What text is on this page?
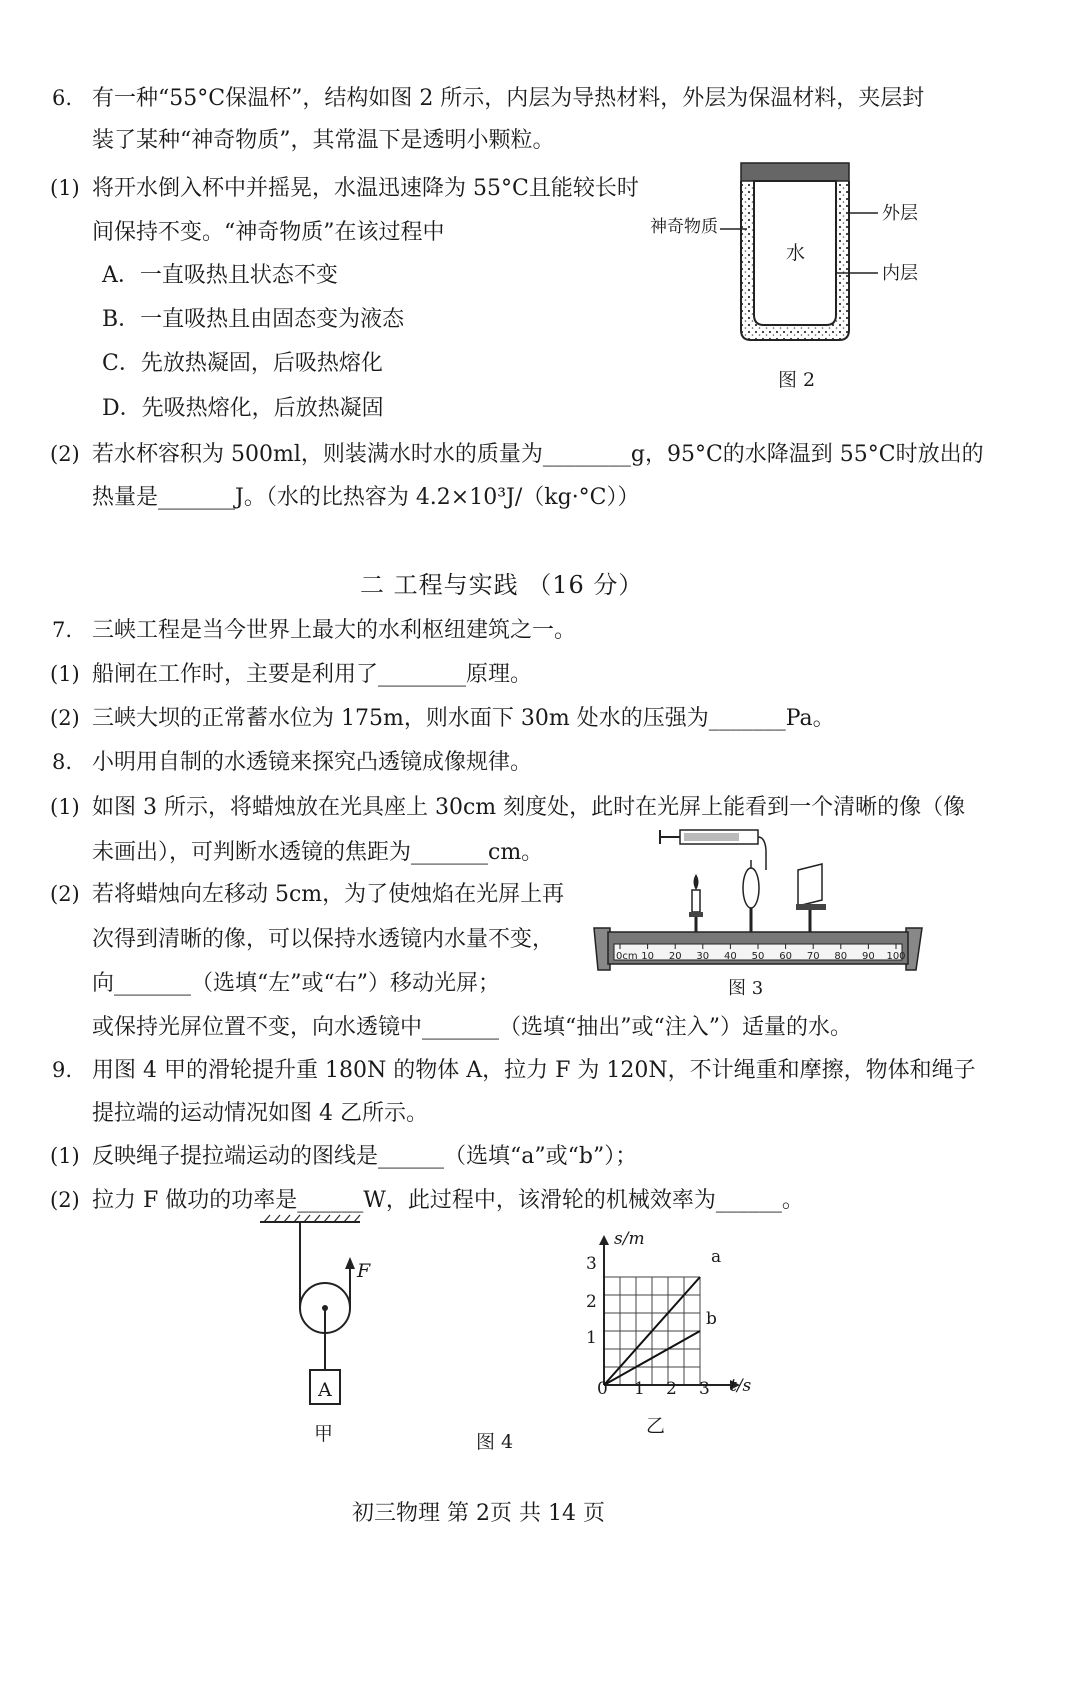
6. 有一种“55°C保温杯”，结构如图 2 所示，内层为导热材料，外层为保温材料，夹层封
装了某种“神奇物质”，其常温下是透明小颗粒。
(1) 将开水倒入杯中并摇晃，水温迅速降为 55°C且能较长时
间保持不变。“神奇物质”在该过程中
A．一直吸热且状态不变
B．一直吸热且由固态变为液态
C．先放热凝固，后吸热熔化
D．先吸热熔化，后放热凝固
神奇物质
外层
内层
水
图 2
(2) 若水杯容积为 500ml，则装满水时水的质量为________g，95°C的水降温到 55°C时放出的
热量是_______J。（水的比热容为 4.2×10³J/（kg·°C））
二 工程与实践 （16 分）
7. 三峡工程是当今世界上最大的水利枢纽建筑之一。
(1) 船闸在工作时，主要是利用了________原理。
(2) 三峡大坝的正常蓄水位为 175m，则水面下 30m 处水的压强为_______Pa。
8. 小明用自制的水透镜来探究凸透镜成像规律。
(1) 如图 3 所示，将蜡烛放在光具座上 30cm 刻度处，此时在光屏上能看到一个清晰的像（像
未画出），可判断水透镜的焦距为_______cm。
(2) 若将蜡烛向左移动 5cm，为了使烛焰在光屏上再
次得到清晰的像，可以保持水透镜内水量不变，
向_______（选填“左”或“右”）移动光屏；
或保持光屏位置不变，向水透镜中_______（选填“抽出”或“注入”）适量的水。
0cm 10 20 30 40 50 60 70 80 90 100
图 3
9. 用图 4 甲的滑轮提升重 180N 的物体 A，拉力 F 为 120N，不计绳重和摩擦，物体和绳子
提拉端的运动情况如图 4 乙所示。
(1) 反映绳子提拉端运动的图线是______（选填“a”或“b”）；
(2) 拉力 F 做功的功率是______W，此过程中，该滑轮的机械效率为______。
F
A
甲
s/m
t/s
0 1 2 3
1
2
3	a
b
乙
图 4
初三物理 第 2页 共 14 页
